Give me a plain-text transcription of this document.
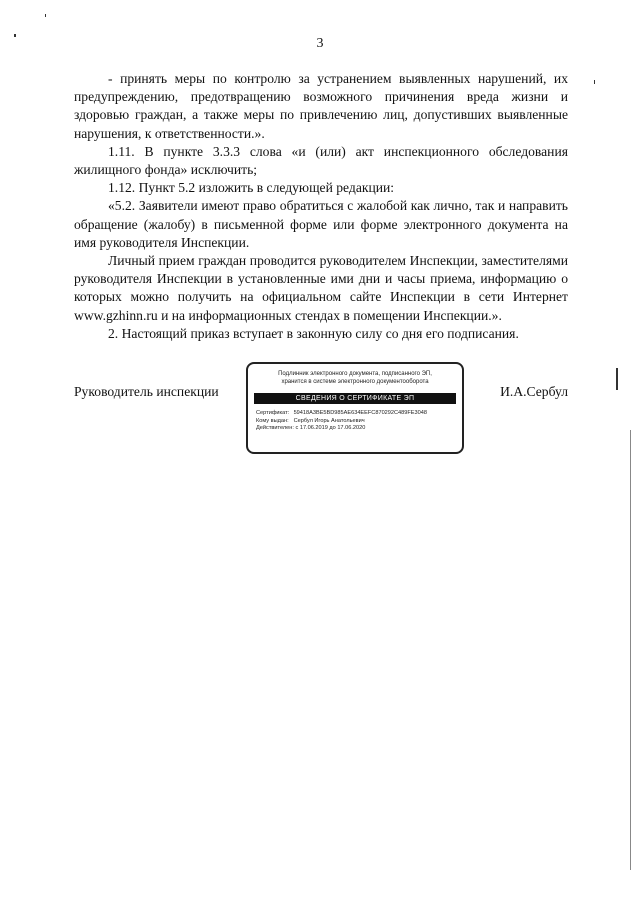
3

- принять меры по контролю за устранением выявленных нарушений, их предупреждению, предотвращению возможного причинения вреда жизни и здоровью граждан, а также меры по привлечению лиц, допустивших выявленные нарушения, к ответственности.».

1.11. В пункте 3.3.3 слова «и (или) акт инспекционного обследования жилищного фонда» исключить;

1.12. Пункт 5.2 изложить в следующей редакции:

«5.2. Заявители имеют право обратиться с жалобой как лично, так и направить обращение (жалобу) в письменной форме или форме электронного документа на имя руководителя Инспекции.

Личный прием граждан проводится руководителем Инспекции, заместителями руководителя Инспекции в установленные ими дни и часы приема, информацию о которых можно получить на официальном сайте Инспекции в сети Интернет www.gzhinn.ru и на информационных стендах в помещении Инспекции.».

2. Настоящий приказ вступает в законную силу со дня его подписания.

Руководитель инспекции
Подлинник электронного документа, подписанного ЭП,
хранится в системе электронного документооборота
СВЕДЕНИЯ О СЕРТИФИКАТЕ ЭП
Сертификат: 59418A3BE5BD985AE634EEFC870292C489FE3048
Кому выдан: Сербул Игорь Анатольевич
Действителен: с 17.06.2019 до 17.06.2020
И.А.Сербул
